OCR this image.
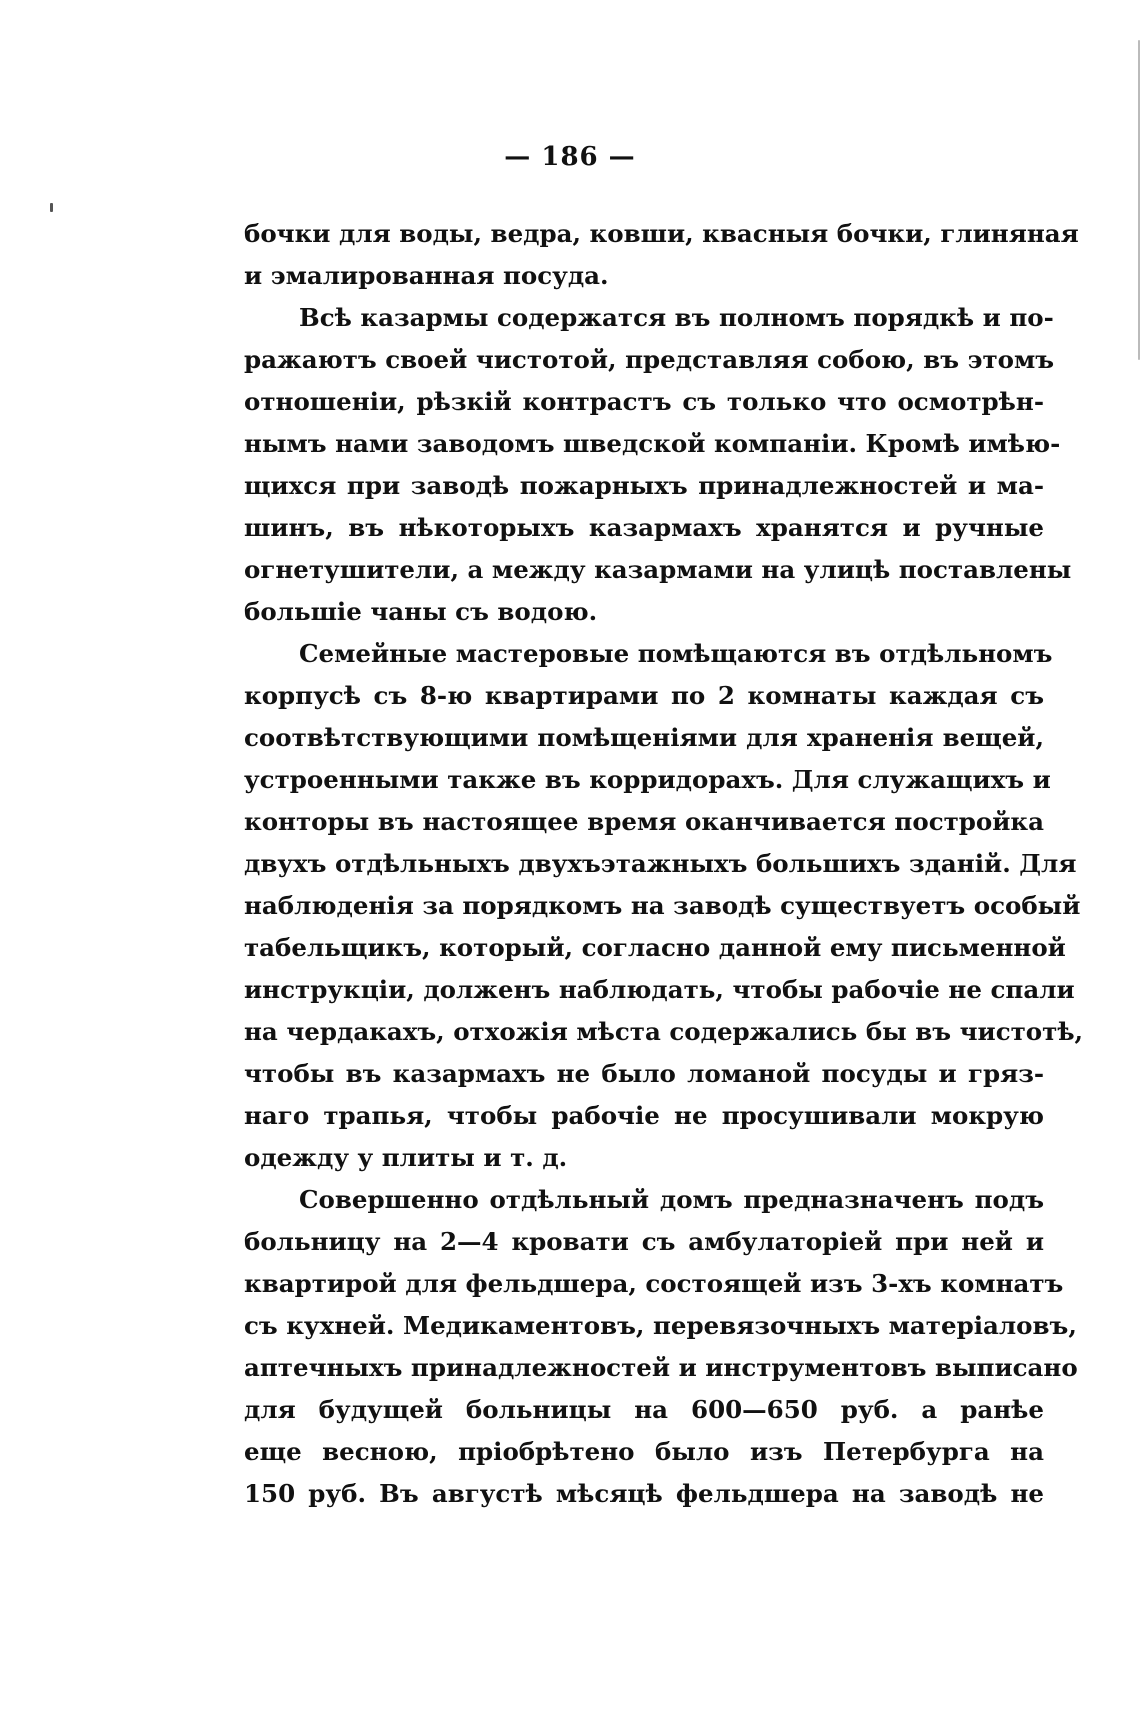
— 186 —
бочки для воды, ведра, ковши, квасныя бочки, глиняная
и эмалированная посуда.
Всѣ казармы содержатся въ полномъ порядкѣ и по-
ражаютъ своей чистотой, представляя собою, въ этомъ
отношеніи, рѣзкій контрастъ съ только что осмотрѣн-
нымъ нами заводомъ шведской компаніи. Кромѣ имѣю-
щихся при заводѣ пожарныхъ принадлежностей и ма-
шинъ, въ нѣкоторыхъ казармахъ хранятся и ручные
огнетушители, а между казармами на улицѣ поставлены
большіе чаны съ водою.
Семейные мастеровые помѣщаются въ отдѣльномъ
корпусѣ съ 8-ю квартирами по 2 комнаты каждая съ
соотвѣтствующими помѣщеніями для храненія вещей,
устроенными также въ корридорахъ. Для служащихъ и
конторы въ настоящее время оканчивается постройка
двухъ отдѣльныхъ двухъэтажныхъ большихъ зданій. Для
наблюденія за порядкомъ на заводѣ существуетъ особый
табельщикъ, который, согласно данной ему письменной
инструкціи, долженъ наблюдать, чтобы рабочіе не спали
на чердакахъ, отхожія мѣста содержались бы въ чистотѣ,
чтобы въ казармахъ не было ломаной посуды и гряз-
наго трапья, чтобы рабочіе не просушивали мокрую
одежду у плиты и т. д.
Совершенно отдѣльный домъ предназначенъ подъ
больницу на 2—4 кровати съ амбулаторіей при ней и
квартирой для фельдшера, состоящей изъ 3-хъ комнатъ
съ кухней. Медикаментовъ, перевязочныхъ матеріаловъ,
аптечныхъ принадлежностей и инструментовъ выписано
для будущей больницы на 600—650 руб. а ранѣе
еще весною, пріобрѣтено было изъ Петербурга на
150 руб. Въ августѣ мѣсяцѣ фельдшера на заводѣ не
